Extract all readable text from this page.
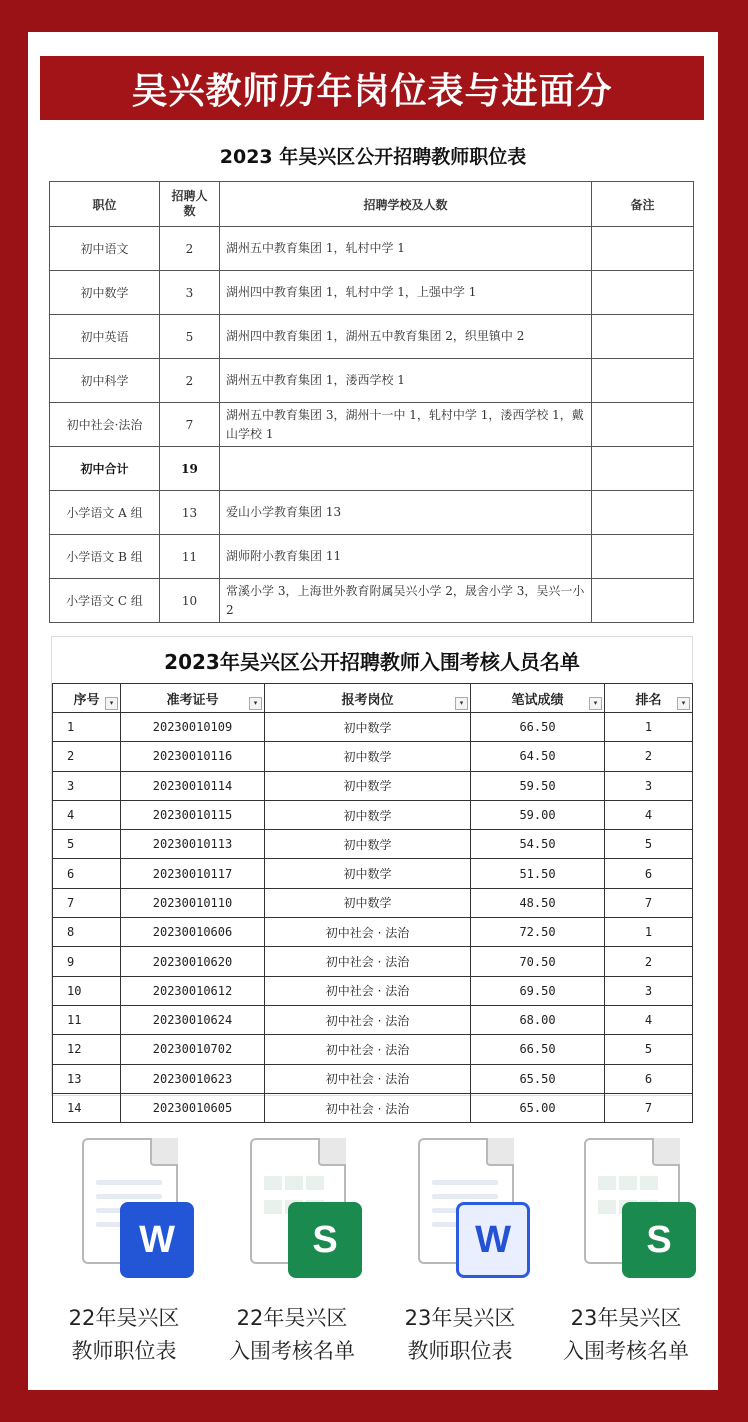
吴兴教师历年岗位表与进面分
2023 年吴兴区公开招聘教师职位表
职位	招聘人数	招聘学校及人数	备注
初中语文	2	湖州五中教育集团 1，轧村中学 1	
初中数学	3	湖州四中教育集团 1，轧村中学 1，上强中学 1	
初中英语	5	湖州四中教育集团 1，湖州五中教育集团 2，织里镇中 2	
初中科学	2	湖州五中教育集团 1，溇西学校 1	
初中社会·法治	7	湖州五中教育集团 3，湖州十一中 1，轧村中学 1，溇西学校 1，戴山学校 1	
初中合计	19		
小学语文 A 组	13	爱山小学教育集团 13	
小学语文 B 组	11	湖师附小教育集团 11	
小学语文 C 组	10	常溪小学 3，上海世外教育附属吴兴小学 2，晟舍小学 3，吴兴一小 2	
2023年吴兴区公开招聘教师入围考核人员名单
序号 ▾	准考证号 ▾	报考岗位 ▾	笔试成绩 ▾	排名 ▾

1	20230010109	初中数学	66.50	1
2	20230010116	初中数学	64.50	2
3	20230010114	初中数学	59.50	3
4	20230010115	初中数学	59.00	4
5	20230010113	初中数学	54.50	5
6	20230010117	初中数学	51.50	6
7	20230010110	初中数学	48.50	7
8	20230010606	初中社会 · 法治	72.50	1
9	20230010620	初中社会 · 法治	70.50	2
10	20230010612	初中社会 · 法治	69.50	3
11	20230010624	初中社会 · 法治	68.00	4
12	20230010702	初中社会 · 法治	66.50	5
13	20230010623	初中社会 · 法治	65.50	6
14	20230010605	初中社会 · 法治	65.00	7
W
22年吴兴区
教师职位表
S
22年吴兴区
入围考核名单
W
23年吴兴区
教师职位表
S
23年吴兴区
入围考核名单
